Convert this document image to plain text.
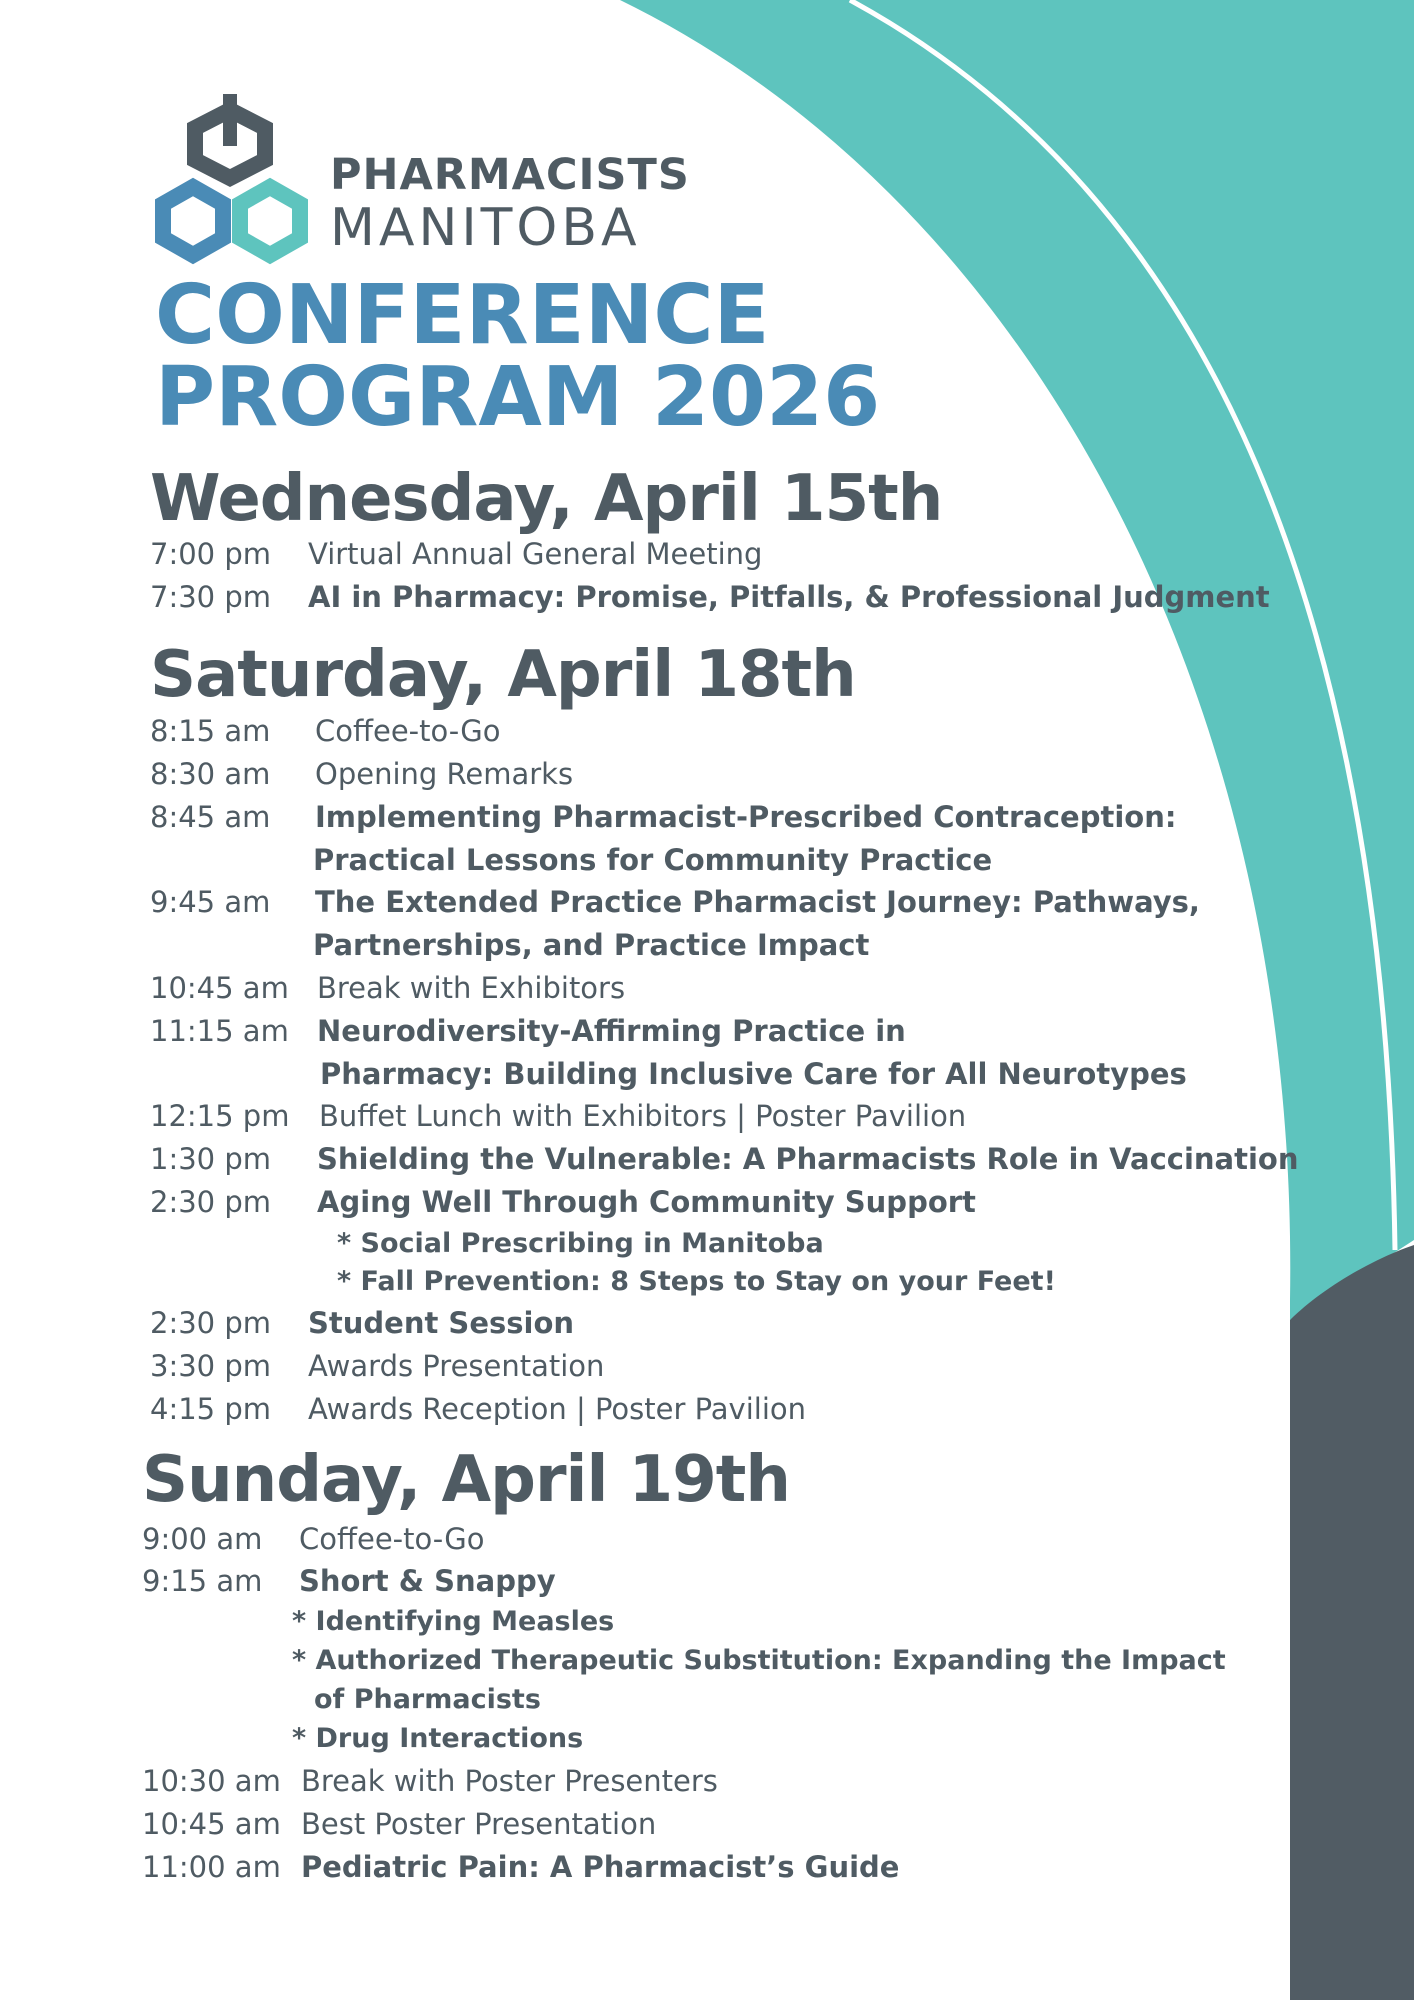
PHARMACISTS
MANITOBA
CONFERENCE
PROGRAM 2026
Wednesday, April 15th
7:00 pm Virtual Annual General Meeting
7:30 pm AI in Pharmacy: Promise, Pitfalls, & Professional Judgment
Saturday, April 18th
8:15 am Coffee-to-Go
8:30 am Opening Remarks
8:45 am Implementing Pharmacist-Prescribed Contraception:
Practical Lessons for Community Practice
9:45 am The Extended Practice Pharmacist Journey: Pathways,
Partnerships, and Practice Impact
10:45 am Break with Exhibitors
11:15 am Neurodiversity-Affirming Practice in
Pharmacy: Building Inclusive Care for All Neurotypes
12:15 pm Buffet Lunch with Exhibitors | Poster Pavilion
1:30 pm Shielding the Vulnerable: A Pharmacists Role in Vaccination
2:30 pm Aging Well Through Community Support
* Social Prescribing in Manitoba
* Fall Prevention: 8 Steps to Stay on your Feet!
2:30 pm Student Session
3:30 pm Awards Presentation
4:15 pm Awards Reception | Poster Pavilion
Sunday, April 19th
9:00 am Coffee-to-Go
9:15 am Short & Snappy
* Identifying Measles
* Authorized Therapeutic Substitution: Expanding the Impact
of Pharmacists
* Drug Interactions
10:30 am Break with Poster Presenters
10:45 am Best Poster Presentation
11:00 am Pediatric Pain: A Pharmacist’s Guide
